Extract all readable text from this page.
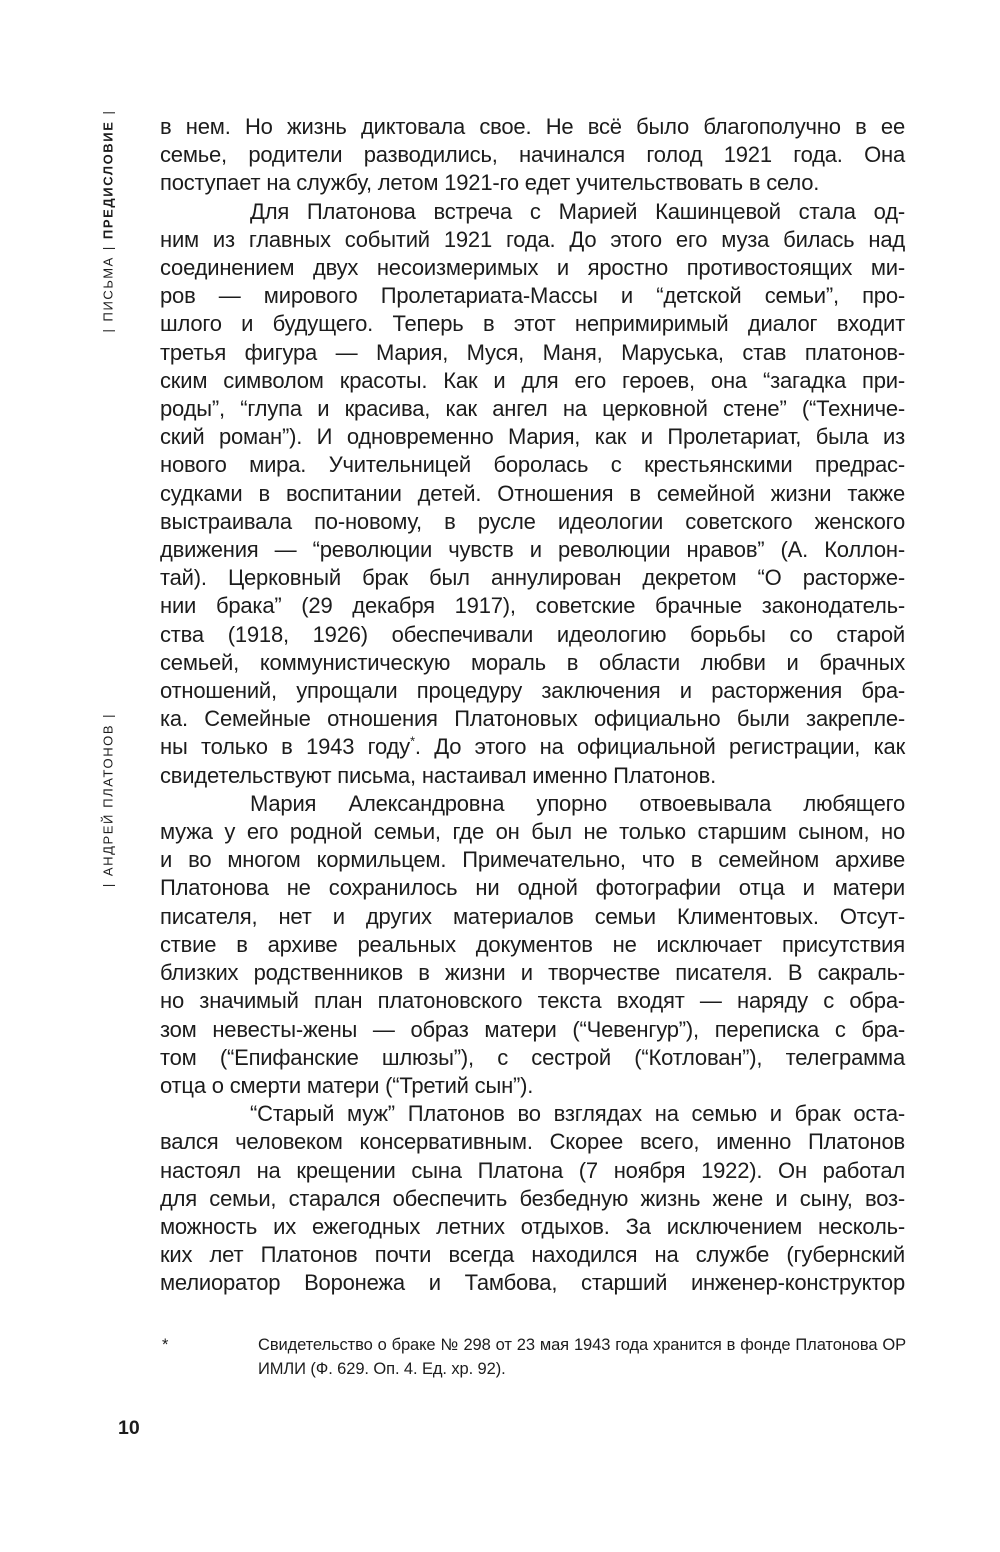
|ПИСЬМА|ПРЕДИСЛОВИЕ|
|АНДРЕЙ ПЛАТОНОВ|
в нем. Но жизнь диктовала свое. Не всё было благополучно в ее
семье, родители разводились, начинался голод 1921 года. Она
поступает на службу, летом 1921-го едет учительствовать в село.
Для Платонова встреча с Марией Кашинцевой стала од-
ним из главных событий 1921 года. До этого его муза билась над
соединением двух несоизмеримых и яростно противостоящих ми-
ров — мирового Пролетариата-Массы и “детской семьи”, про-
шлого и будущего. Теперь в этот непримиримый диалог входит
третья фигура — Мария, Муся, Маня, Маруська, став платонов-
ским символом красоты. Как и для его героев, она “загадка при-
роды”, “глупа и красива, как ангел на церковной стене” (“Техниче-
ский роман”). И одновременно Мария, как и Пролетариат, была из
нового мира. Учительницей боролась с крестьянскими предрас-
судками в воспитании детей. Отношения в семейной жизни также
выстраивала по-новому, в русле идеологии советского женского
движения — “революции чувств и революции нравов” (А. Коллон-
тай). Церковный брак был аннулирован декретом “О расторже-
нии брака” (29 декабря 1917), советские брачные законодатель-
ства (1918, 1926) обеспечивали идеологию борьбы со старой
семьей, коммунистическую мораль в области любви и брачных
отношений, упрощали процедуру заключения и расторжения бра-
ка. Семейные отношения Платоновых официально были закрепле-
ны только в 1943 году*. До этого на официальной регистрации, как
свидетельствуют письма, настаивал именно Платонов.
Мария Александровна упорно отвоевывала любящего
мужа у его родной семьи, где он был не только старшим сыном, но
и во многом кормильцем. Примечательно, что в семейном архиве
Платонова не сохранилось ни одной фотографии отца и матери
писателя, нет и других материалов семьи Климентовых. Отсут-
ствие в архиве реальных документов не исключает присутствия
близких родственников в жизни и творчестве писателя. В сакраль-
но значимый план платоновского текста входят — наряду с обра-
зом невесты-жены — образ матери (“Чевенгур”), переписка с бра-
том (“Епифанские шлюзы”), с сестрой (“Котлован”), телеграмма
отца о смерти матери (“Третий сын”).
“Старый муж” Платонов во взглядах на семью и брак оста-
вался человеком консервативным. Скорее всего, именно Платонов
настоял на крещении сына Платона (7 ноября 1922). Он работал
для семьи, старался обеспечить безбедную жизнь жене и сыну, воз-
можность их ежегодных летних отдыхов. За исключением несколь-
ких лет Платонов почти всегда находился на службе (губернский
мелиоратор Воронежа и Тамбова, старший инженер-конструктор
*	Свидетельство о браке № 298 от 23 мая 1943 года хранится в фонде Платонова ОР
ИМЛИ (Ф. 629. Оп. 4. Ед. хр. 92).
10
